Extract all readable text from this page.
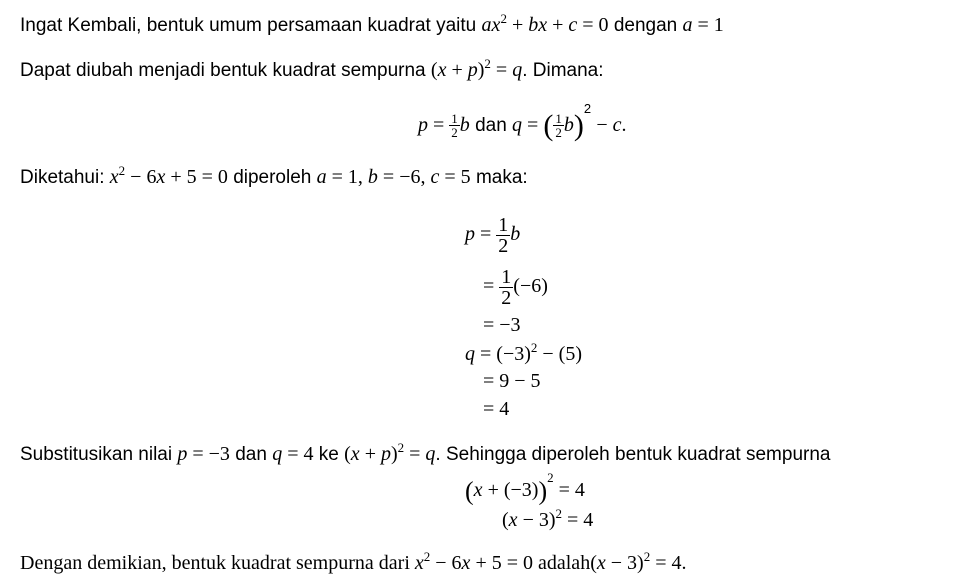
Ingat Kembali, bentuk umum persamaan kuadrat yaitu $ax^2$ + bx + c = 0 dengan a = 1
Dapat diubah menjadi bentuk kuadrat sempurna $(x + p)^2 = q$. Dimana:
$p = \frac{1}{2}$ b dan q = ( $\frac{1}{2} b)^2 - c$.
Diketahui: $x^2 - 6x + 5 = 0$ diperoleh a = 1, b = −6, c = 5 maka:
$p = \frac{1}{2}$ b
= $\frac{1}{2} (-6)$
= −3
$q = (-3)^2 - (5)$
= 9 − 5
= 4
Substitusikan nilai p = −3 dan q = 4 ke $(x + p)^2 = q$. Sehingga diperoleh bentuk kuadrat sempurna
$(x + (-3))^2 = 4$
$(x - 3)^2 = 4$
Dengan demikian, bentuk kuadrat sempurna dari $x^2 - 6x + 5 = 0$ adalah(x − 3)$^2$ = 4.
